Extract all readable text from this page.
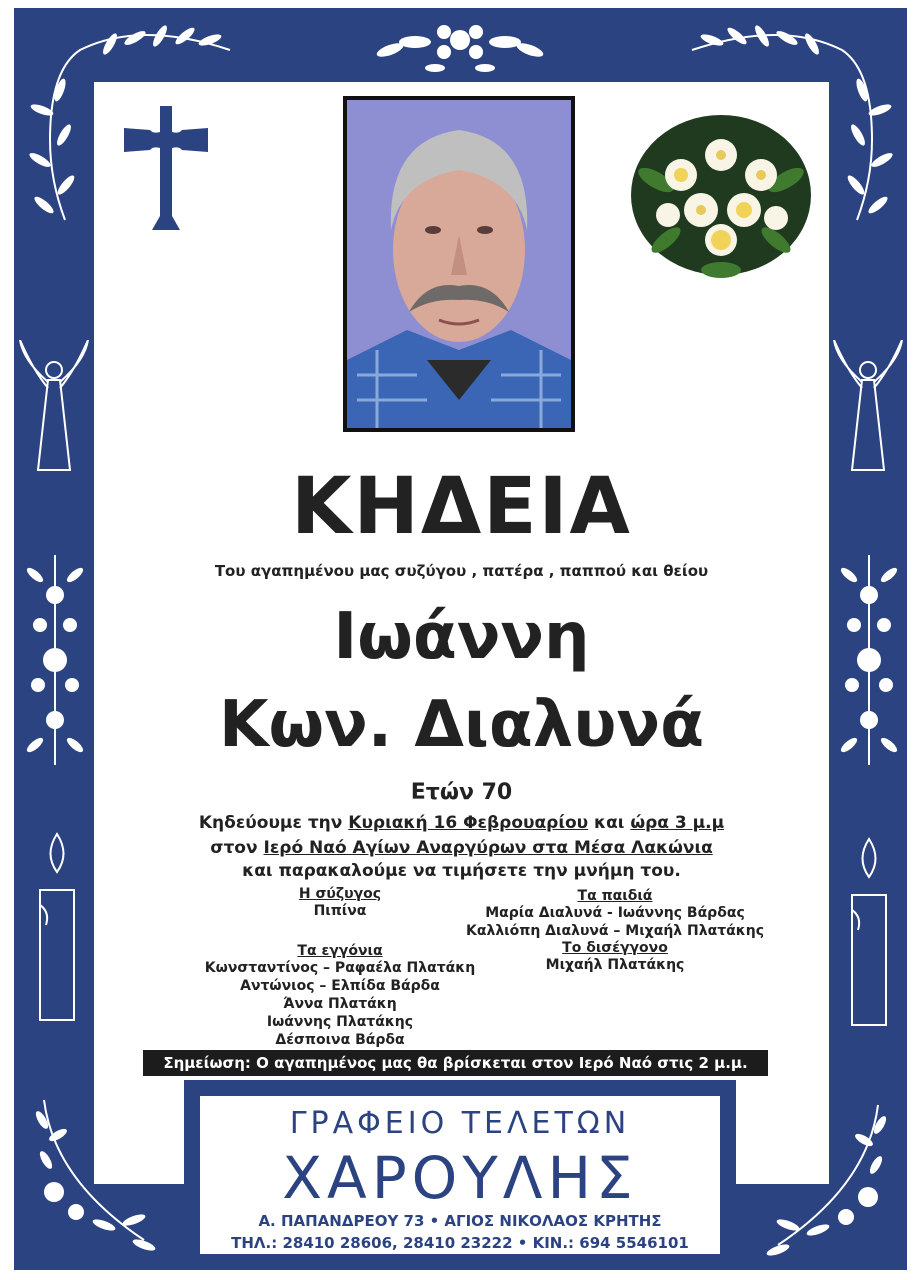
ΚΗΔΕΙΑ
Του αγαπημένου μας συζύγου , πατέρα , παππού και θείου
Ιωάννη
Κων. Διαλυνά
Ετών 70
Κηδεύουμε την Κυριακή 16 Φεβρουαρίου και ώρα 3 μ.μ
στον Ιερό Ναό Αγίων Αναργύρων στα Μέσα Λακώνια
και παρακαλούμε να τιμήσετε την μνήμη του.
Η σύζυγος
Πιπίνα
Τα εγγόνια
Κωνσταντίνος – Ραφαέλα Πλατάκη
Αντώνιος – Ελπίδα Βάρδα
Άννα Πλατάκη
Ιωάννης Πλατάκης
Δέσποινα Βάρδα
Τα παιδιά
Μαρία Διαλυνά - Ιωάννης Βάρδας
Καλλιόπη Διαλυνά – Μιχαήλ Πλατάκης
Το δισέγγονο
Μιχαήλ Πλατάκης
Σημείωση: Ο αγαπημένος μας θα βρίσκεται στον Ιερό Ναό στις 2 μ.μ.
ΓΡΑΦΕΙΟ ΤΕΛΕΤΩΝ
ΧΑΡΟΥΛΗΣ
Α. ΠΑΠΑΝΔΡΕΟΥ 73 • ΑΓΙΟΣ ΝΙΚΟΛΑΟΣ ΚΡΗΤΗΣ
ΤΗΛ.: 28410 28606, 28410 23222 • ΚΙΝ.: 694 5546101
